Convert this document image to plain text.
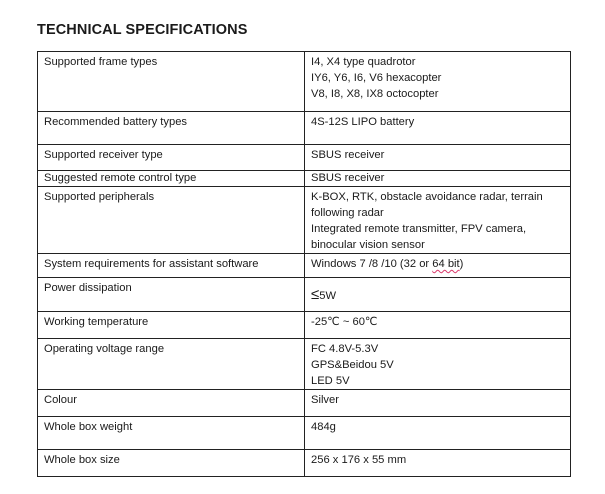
TECHNICAL SPECIFICATIONS
Supported frame types	I4, X4 type quadrotor
IY6, Y6, I6, V6 hexacopter
V8, I8, X8, IX8 octocopter

Recommended battery types	4S-12S LIPO battery

Supported receiver type	SBUS receiver

Suggested remote control type	SBUS receiver

Supported peripherals	K-BOX, RTK, obstacle avoidance radar, terrain following radar
Integrated remote transmitter, FPV camera, binocular vision sensor

System requirements for assistant software	Windows 7 /8 /10 (32 or 64 bit)
Power dissipation	≤5W

Working temperature	-25℃ ~ 60℃

Operating voltage range	FC 4.8V-5.3V
GPS&Beidou 5V
LED 5V

Colour	Silver

Whole box weight	484g

Whole box size	256 x 176 x 55 mm
